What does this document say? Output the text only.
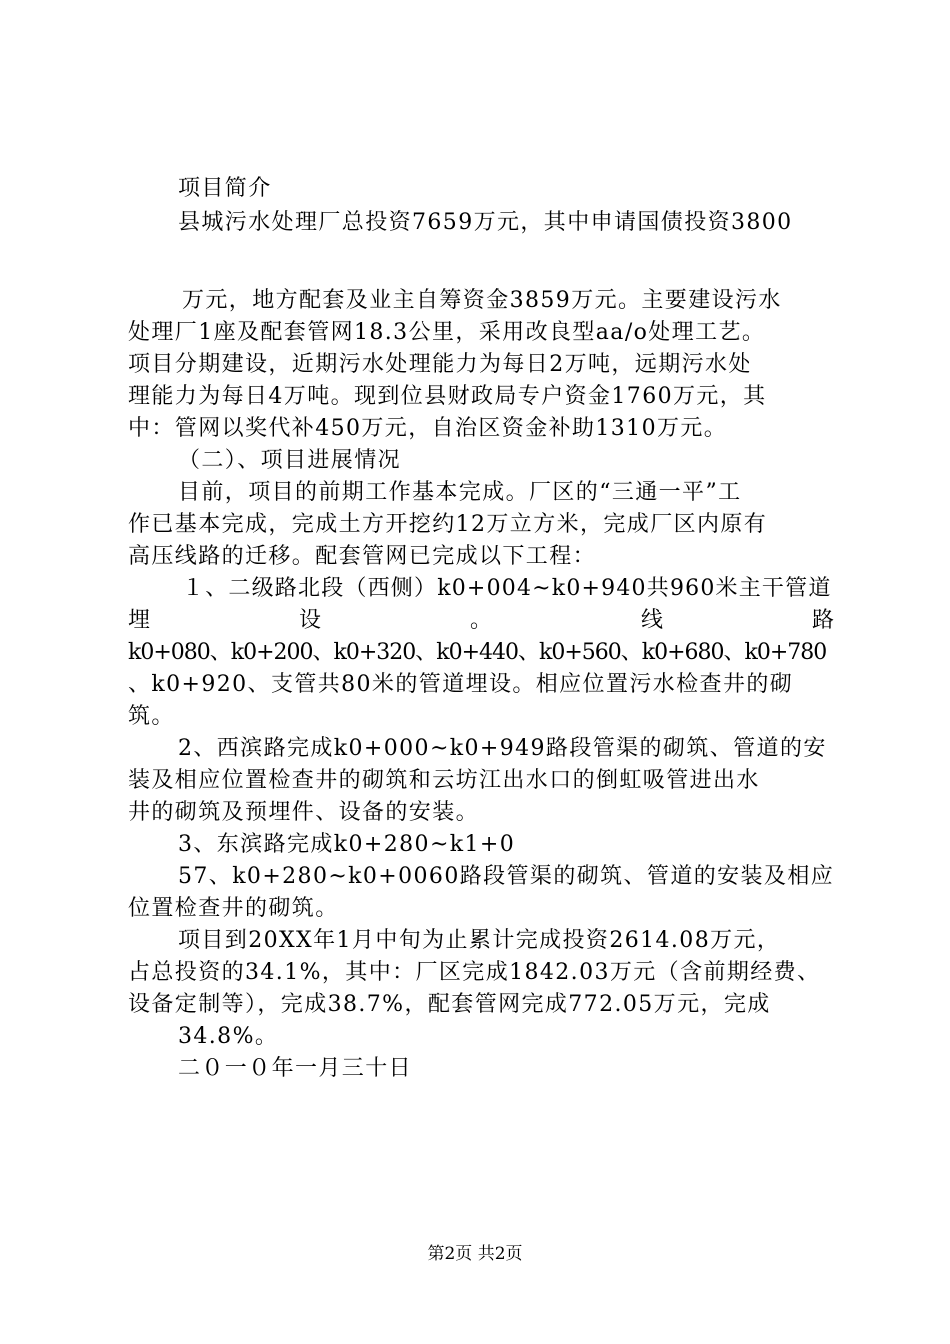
项目简介
县城污水处理厂总投资7659万元，其中申请国债投资3800
万元，地方配套及业主自筹资金3859万元。主要建设污水
处理厂1座及配套管网18.3公里，采用改良型aa/o处理工艺。
项目分期建设，近期污水处理能力为每日2万吨，远期污水处
理能力为每日4万吨。现到位县财政局专户资金1760万元，其
中：管网以奖代补450万元，自治区资金补助1310万元。
（二）、项目进展情况
目前，项目的前期工作基本完成。厂区的“三通一平”工
作已基本完成，完成土方开挖约12万立方米，完成厂区内原有
高压线路的迁移。配套管网已完成以下工程：
１、二级路北段（西侧）k0+004~k0+940共960米主干管道
埋	设	。	线	路
k0+080、k0+200、k0+320、k0+440、k0+560、k0+680、k0+780
、k0+920、支管共80米的管道埋设。相应位置污水检查井的砌
筑。
2、西滨路完成k0+000~k0+949路段管渠的砌筑、管道的安
装及相应位置检查井的砌筑和云坊江出水口的倒虹吸管进出水
井的砌筑及预埋件、设备的安装。
3、东滨路完成k0+280~k1+0
57、k0+280~k0+0060路段管渠的砌筑、管道的安装及相应
位置检查井的砌筑。
项目到20XX年1月中旬为止累计完成投资2614.08万元，
占总投资的34.1%，其中：厂区完成1842.03万元（含前期经费、
设备定制等），完成38.7%，配套管网完成772.05万元，完成
34.8%。
二０一０年一月三十日
第2页 共2页
